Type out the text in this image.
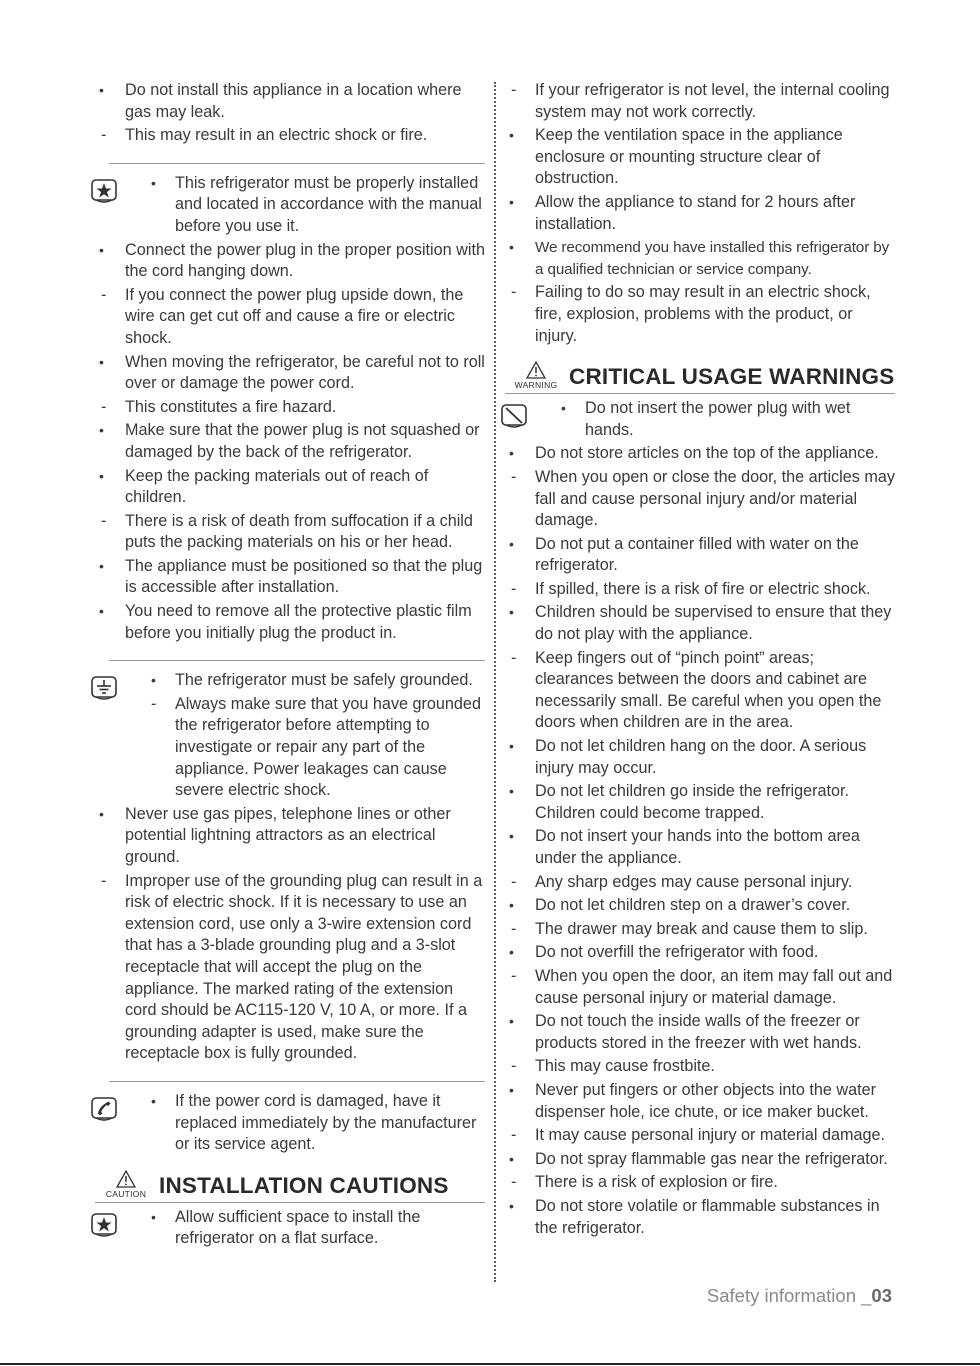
•	Do not install this appliance in a location where gas may leak.
-	This may result in an electric shock or fire.
•	This refrigerator must be properly installed and located in accordance with the manual before you use it.
•	Connect the power plug in the proper position with the cord hanging down.
-	If you connect the power plug upside down, the wire can get cut off and cause a fire or electric shock.
•	When moving the refrigerator, be careful not to roll over or damage the power cord.
-	This constitutes a fire hazard.
•	Make sure that the power plug is not squashed or damaged by the back of the refrigerator.
•	Keep the packing materials out of reach of children.
-	There is a risk of death from suffocation if a child puts the packing materials on his or her head.
•	The appliance must be positioned so that the plug is accessible after installation.
•	You need to remove all the protective plastic film before you initially plug the product in.
•	The refrigerator must be safely grounded.
-	Always make sure that you have grounded the refrigerator before attempting to investigate or repair any part of the appliance. Power leakages can cause severe electric shock.
•	Never use gas pipes, telephone lines or other potential lightning attractors as an electrical ground.
-	Improper use of the grounding plug can result in a risk of electric shock. If it is necessary to use an extension cord, use only a 3-wire extension cord that has a 3-blade grounding plug and a 3-slot receptacle that will accept the plug on the appliance. The marked rating of the extension cord should be AC115-120 V, 10 A, or more. If a grounding adapter is used, make sure the receptacle box is fully grounded.
•	If the power cord is damaged, have it replaced immediately by the manufacturer or its service agent.
CAUTION INSTALLATION CAUTIONS
•	Allow sufficient space to install the refrigerator on a flat surface.
-	If your refrigerator is not level, the internal cooling system may not work correctly.
•	Keep the ventilation space in the appliance enclosure or mounting structure clear of obstruction.
•	Allow the appliance to stand for 2 hours after installation.
•	We recommend you have installed this refrigerator by a qualified technician or service company.
-	Failing to do so may result in an electric shock, fire, explosion, problems with the product, or injury.
WARNING CRITICAL USAGE WARNINGS
•	Do not insert the power plug with wet hands.
•	Do not store articles on the top of the appliance.
-	When you open or close the door, the articles may fall and cause personal injury and/or material damage.
•	Do not put a container filled with water on the refrigerator.
-	If spilled, there is a risk of fire or electric shock.
•	Children should be supervised to ensure that they do not play with the appliance.
-	Keep fingers out of “pinch point” areas; clearances between the doors and cabinet are necessarily small. Be careful when you open the doors when children are in the area.
•	Do not let children hang on the door. A serious injury may occur.
•	Do not let children go inside the refrigerator. Children could become trapped.
•	Do not insert your hands into the bottom area under the appliance.
-	Any sharp edges may cause personal injury.
•	Do not let children step on a drawer’s cover.
-	The drawer may break and cause them to slip.
•	Do not overfill the refrigerator with food.
-	When you open the door, an item may fall out and cause personal injury or material damage.
•	Do not touch the inside walls of the freezer or products stored in the freezer with wet hands.
-	This may cause frostbite.
•	Never put fingers or other objects into the water dispenser hole, ice chute, or ice maker bucket.
-	It may cause personal injury or material damage.
•	Do not spray flammable gas near the refrigerator.
-	There is a risk of explosion or fire.
•	Do not store volatile or flammable substances in the refrigerator.
Safety information _03
